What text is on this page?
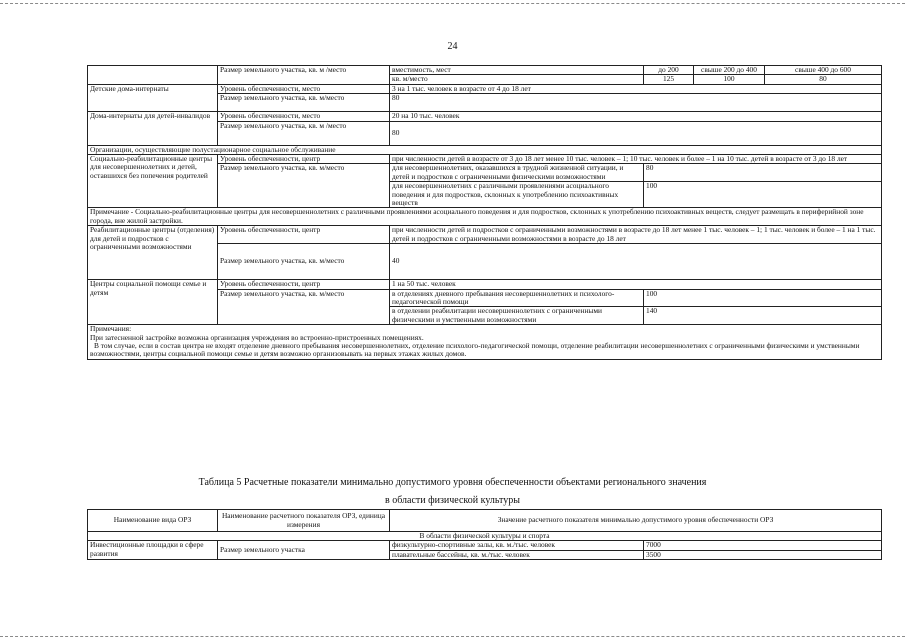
24
	Размер земельного участка, кв. м /место	вместимость, мест	до 200	свыше 200 до 400	свыше 400 до 600
		кв. м/место	125	100	80
Детские дома-интернаты	Уровень обеспеченности, место	3 на 1 тыс. человек в возрасте от 4 до 18 лет			
	Размер земельного участка, кв. м/место	80			
Дома-интернаты для детей-инвалидов	Уровень обеспеченности, место	20 на 10 тыс. человек			
	Размер земельного участка, кв. м /место	80			
Организации, осуществляющие полустационарное социальное обслуживание					
Социально-реабилитационные центры для несовершеннолетних и детей, оставшихся без попечения родителей	Уровень обеспеченности, центр	при численности детей в возрасте от 3 до 18 лет менее 10 тыс. человек – 1; 10 тыс. человек и более – 1 на 10 тыс. детей в возрасте от 3 до 18 лет			
	Размер земельного участка, кв. м/место	для несовершеннолетних, оказавшихся в трудной жизненной ситуации, и детей и подростков с ограниченными физическими возможностями	80		
		для несовершеннолетних с различными проявлениями асоциального поведения и для подростков, склонных к употреблению психоактивных веществ	100		
Примечание - Социально-реабилитационные центры для несовершеннолетних с различными проявлениями асоциального поведения и для подростков, склонных к употреблению психоактивных веществ, следует размещать в периферийной зоне города, вне жилой застройки.					
Реабилитационные центры (отделения) для детей и подростков с ограниченными возможностями	Уровень обеспеченности, центр	при численности детей и подростков с ограниченными возможностями в возрасте до 18 лет менее 1 тыс. человек – 1; 1 тыс. человек и более – 1 на 1 тыс. детей и подростков с ограниченными возможностями в возрасте до 18 лет			
	Размер земельного участка, кв. м/место	40			
Центры социальной помощи семье и детям	Уровень обеспеченности, центр	1 на 50 тыс. человек			
	Размер земельного участка, кв. м/место	в отделениях дневного пребывания несовершеннолетних и психолого-педагогической помощи	100		
		в отделении реабилитации несовершеннолетних с ограниченными физическими и умственными возможностями	140		

Примечания:
При затесненной застройке возможна организация учреждения во встроенно-пристроенных помещениях.
В том случае, если в состав центра не входят отделение дневного пребывания несовершеннолетних, отделение психолого-педагогической помощи, отделение реабилитации несовершеннолетних с ограниченными физическими и умственными возможностями, центры социальной помощи семье и детям возможно организовывать на первых этажах жилых домов.					
Таблица 5 Расчетные показатели минимально допустимого уровня обеспеченности объектами регионального значения
в области физической культуры
Наименование вида ОРЗ	Наименование расчетного показателя ОРЗ, единица измерения	Значение расчетного показателя минимально допустимого уровня обеспеченности ОРЗ	
В области физической культуры и спорта			
Инвестиционные площадки в сфере развития	Размер земельного участка	физкультурно-спортивные залы, кв. м./тыс. человек	7000
		плавательные бассейны, кв. м./тыс. человек	3500
